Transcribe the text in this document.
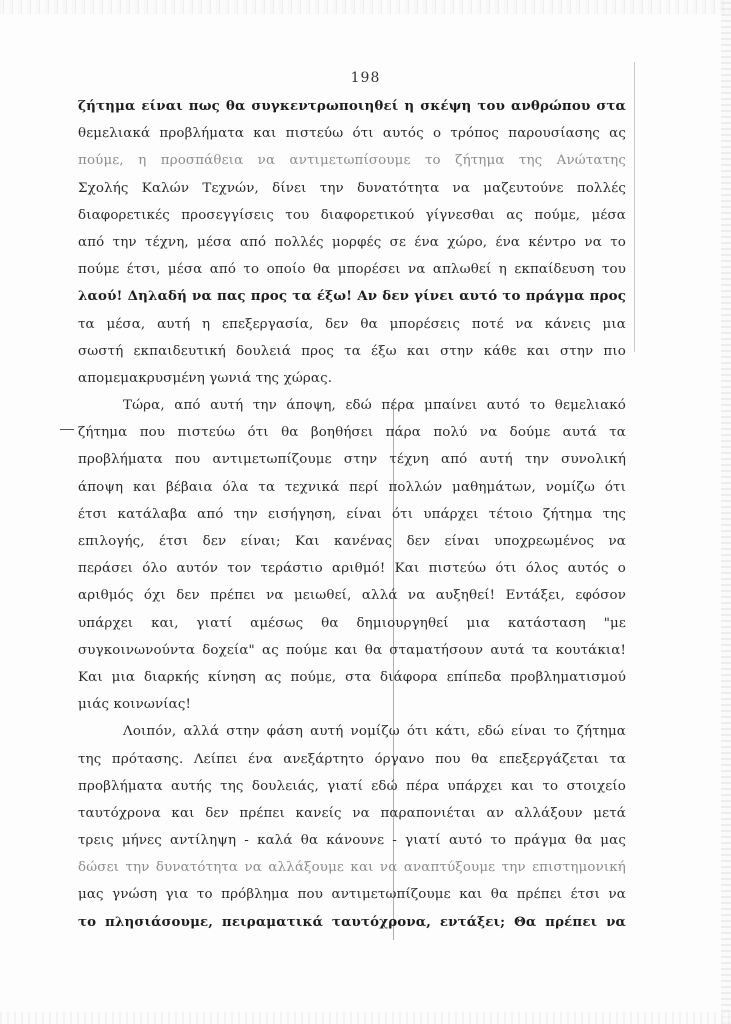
198
ζήτημα είναι πως θα συγκεντρωποιηθεί η σκέψη του ανθρώπου στα
θεμελιακά προβλήματα και πιστεύω ότι αυτός ο τρόπος παρουσίασης ας
πούμε, η προσπάθεια να αντιμετωπίσουμε το ζήτημα της Ανώτατης
Σχολής Καλών Τεχνών, δίνει την δυνατότητα να μαζευτούνε πολλές
διαφορετικές προσεγγίσεις του διαφορετικού γίγνεσθαι ας πούμε, μέσα
από την τέχνη, μέσα από πολλές μορφές σε ένα χώρο, ένα κέντρο να το
πούμε έτσι, μέσα από το οποίο θα μπορέσει να απλωθεί η εκπαίδευση του
λαού! Δηλαδή να πας προς τα έξω! Αν δεν γίνει αυτό το πράγμα προς
τα μέσα, αυτή η επεξεργασία, δεν θα μπορέσεις ποτέ να κάνεις μια
σωστή εκπαιδευτική δουλειά προς τα έξω και στην κάθε και στην πιο
απομεμακρυσμένη γωνιά της χώρας.
Τώρα, από αυτή την άποψη, εδώ πέρα μπαίνει αυτό το θεμελιακό
ζήτημα που πιστεύω ότι θα βοηθήσει πάρα πολύ να δούμε αυτά τα
προβλήματα που αντιμετωπίζουμε στην τέχνη από αυτή την συνολική
άποψη και βέβαια όλα τα τεχνικά περί πολλών μαθημάτων, νομίζω ότι
έτσι κατάλαβα από την εισήγηση, είναι ότι υπάρχει τέτοιο ζήτημα της
επιλογής, έτσι δεν είναι; Και κανένας δεν είναι υποχρεωμένος να
περάσει όλο αυτόν τον τεράστιο αριθμό! Και πιστεύω ότι όλος αυτός ο
αριθμός όχι δεν πρέπει να μειωθεί, αλλά να αυξηθεί! Εντάξει, εφόσον
υπάρχει και, γιατί αμέσως θα δημιουργηθεί μια κατάσταση "με
συγκοινωνούντα δοχεία" ας πούμε και θα σταματήσουν αυτά τα κουτάκια!
Και μια διαρκής κίνηση ας πούμε, στα διάφορα επίπεδα προβληματισμού
μιάς κοινωνίας!
Λοιπόν, αλλά στην φάση αυτή νομίζω ότι κάτι, εδώ είναι το ζήτημα
της πρότασης. Λείπει ένα ανεξάρτητο όργανο που θα επεξεργάζεται τα
προβλήματα αυτής της δουλειάς, γιατί εδώ πέρα υπάρχει και το στοιχείο
ταυτόχρονα και δεν πρέπει κανείς να παραπονιέται αν αλλάξουν μετά
τρεις μήνες αντίληψη - καλά θα κάνουνε - γιατί αυτό το πράγμα θα μας
δώσει την δυνατότητα να αλλάξουμε και να αναπτύξουμε την επιστημονική
μας γνώση για το πρόβλημα που αντιμετωπίζουμε και θα πρέπει έτσι να
το πλησιάσουμε, πειραματικά ταυτόχρονα, εντάξει; Θα πρέπει να
